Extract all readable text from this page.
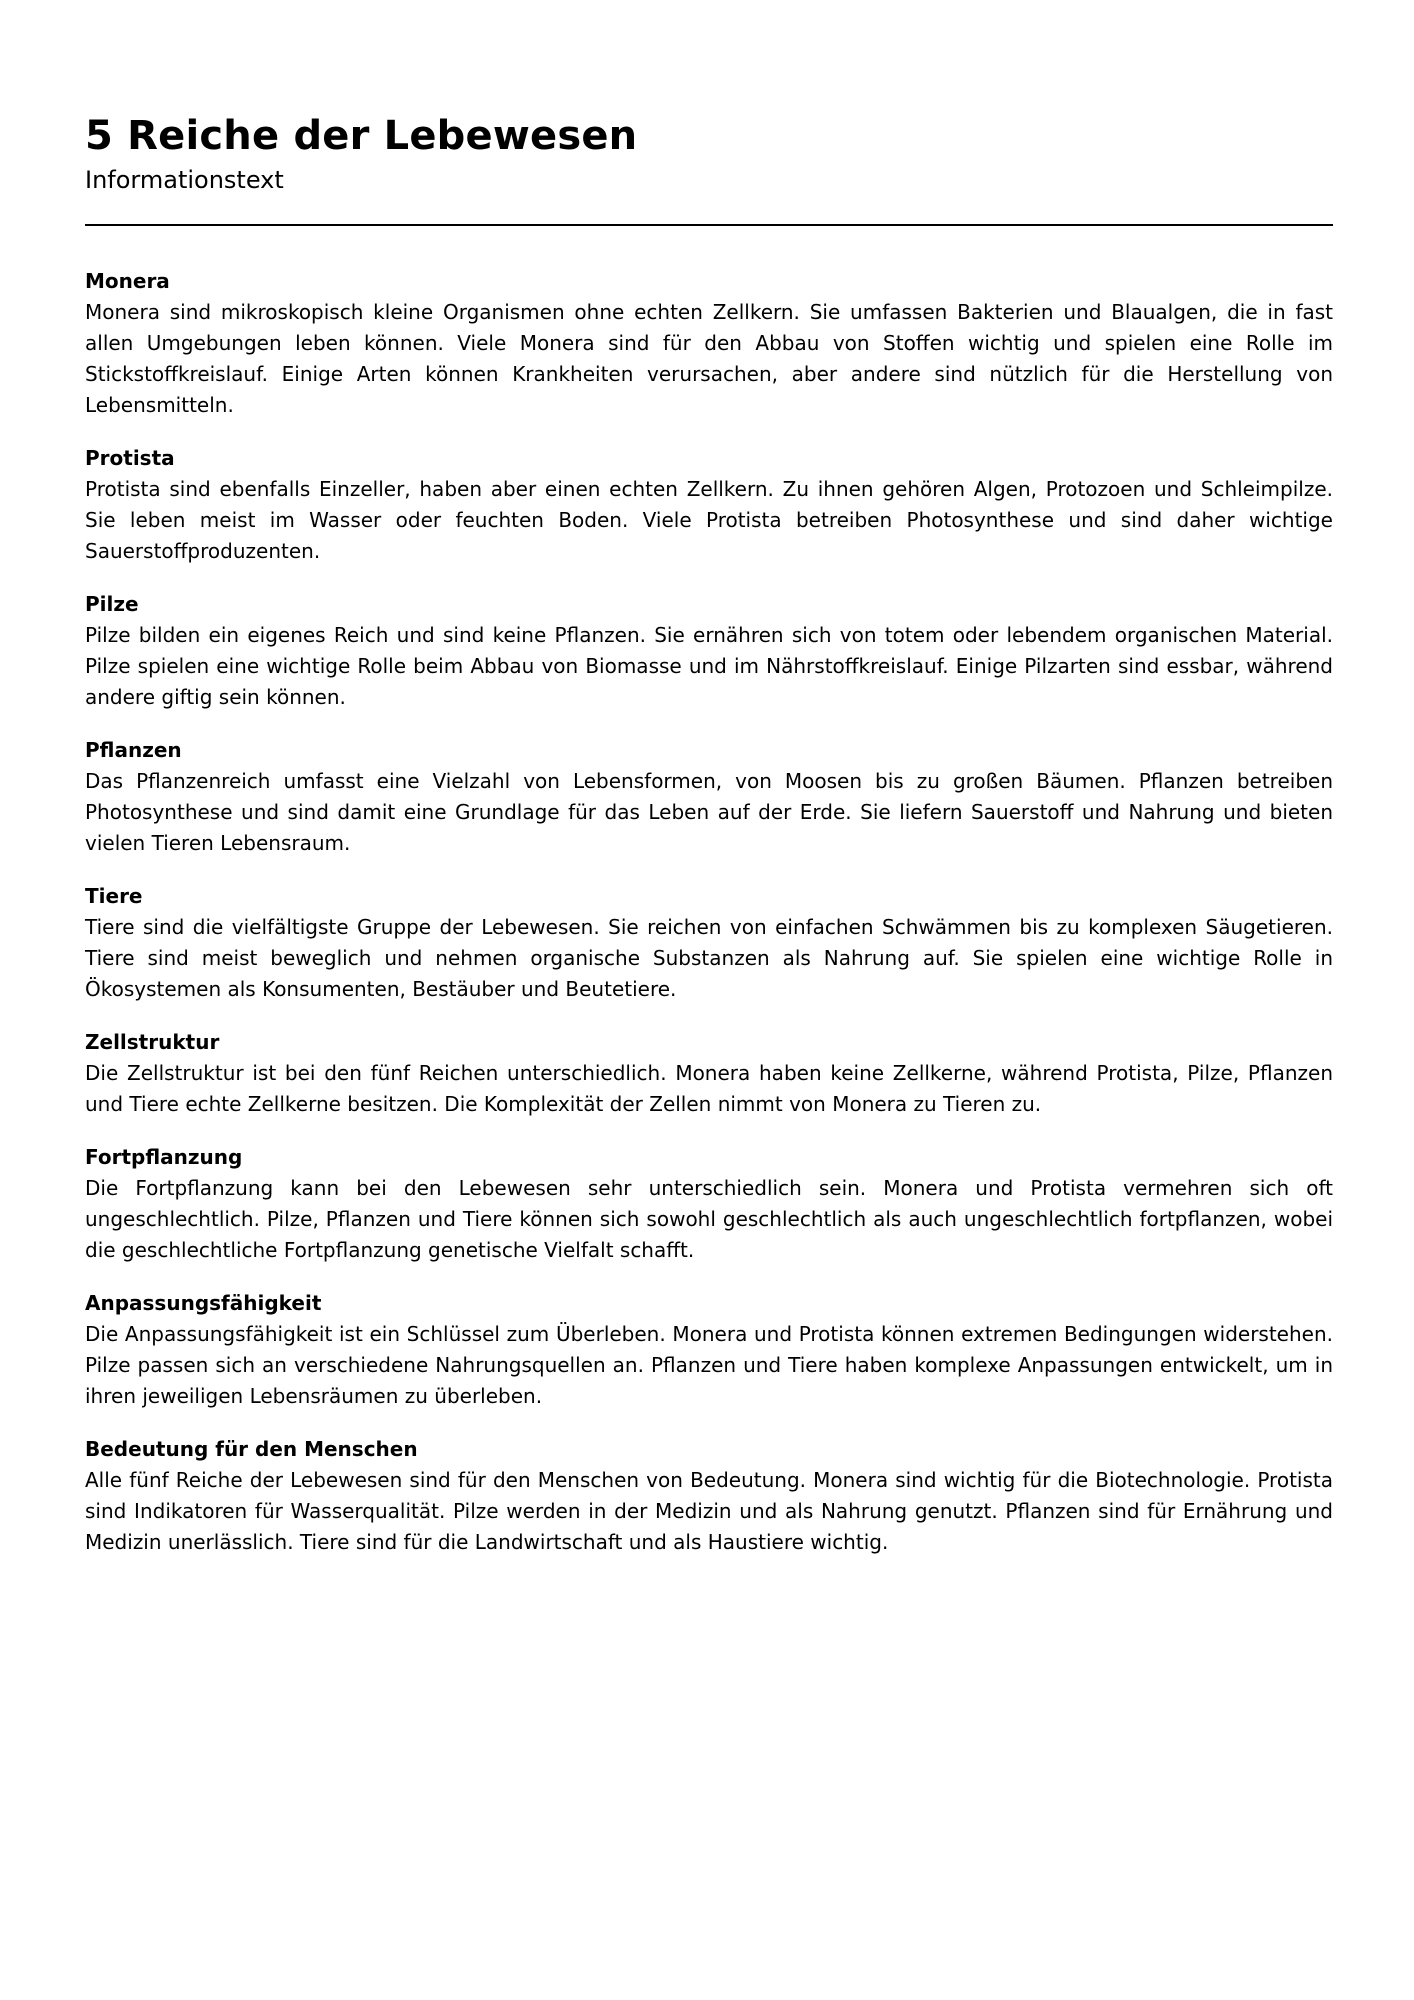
5 Reiche der Lebewesen
Informationstext
Monera

Monera sind mikroskopisch kleine Organismen ohne echten Zellkern. Sie umfassen Bakterien und Blaualgen, die in fast allen Umgebungen leben können. Viele Monera sind für den Abbau von Stoffen wichtig und spielen eine Rolle im Stickstoffkreislauf. Einige Arten können Krankheiten verursachen, aber andere sind nützlich für die Herstellung von Lebensmitteln.

Protista

Protista sind ebenfalls Einzeller, haben aber einen echten Zellkern. Zu ihnen gehören Algen, Protozoen und Schleimpilze. Sie leben meist im Wasser oder feuchten Boden. Viele Protista betreiben Photosynthese und sind daher wichtige Sauerstoffproduzenten.

Pilze

Pilze bilden ein eigenes Reich und sind keine Pflanzen. Sie ernähren sich von totem oder lebendem organischen Material. Pilze spielen eine wichtige Rolle beim Abbau von Biomasse und im Nährstoffkreislauf. Einige Pilzarten sind essbar, während andere giftig sein können.

Pflanzen

Das Pflanzenreich umfasst eine Vielzahl von Lebensformen, von Moosen bis zu großen Bäumen. Pflanzen betreiben Photosynthese und sind damit eine Grundlage für das Leben auf der Erde. Sie liefern Sauerstoff und Nahrung und bieten vielen Tieren Lebensraum.

Tiere

Tiere sind die vielfältigste Gruppe der Lebewesen. Sie reichen von einfachen Schwämmen bis zu komplexen Säugetieren. Tiere sind meist beweglich und nehmen organische Substanzen als Nahrung auf. Sie spielen eine wichtige Rolle in Ökosystemen als Konsumenten, Bestäuber und Beutetiere.

Zellstruktur

Die Zellstruktur ist bei den fünf Reichen unterschiedlich. Monera haben keine Zellkerne, während Protista, Pilze, Pflanzen und Tiere echte Zellkerne besitzen. Die Komplexität der Zellen nimmt von Monera zu Tieren zu.

Fortpflanzung

Die Fortpflanzung kann bei den Lebewesen sehr unterschiedlich sein. Monera und Protista vermehren sich oft ungeschlechtlich. Pilze, Pflanzen und Tiere können sich sowohl geschlechtlich als auch ungeschlechtlich fortpflanzen, wobei die geschlechtliche Fortpflanzung genetische Vielfalt schafft.

Anpassungsfähigkeit

Die Anpassungsfähigkeit ist ein Schlüssel zum Überleben. Monera und Protista können extremen Bedingungen widerstehen. Pilze passen sich an verschiedene Nahrungsquellen an. Pflanzen und Tiere haben komplexe Anpassungen entwickelt, um in ihren jeweiligen Lebensräumen zu überleben.

Bedeutung für den Menschen

Alle fünf Reiche der Lebewesen sind für den Menschen von Bedeutung. Monera sind wichtig für die Biotechnologie. Protista sind Indikatoren für Wasserqualität. Pilze werden in der Medizin und als Nahrung genutzt. Pflanzen sind für Ernährung und Medizin unerlässlich. Tiere sind für die Landwirtschaft und als Haustiere wichtig.
